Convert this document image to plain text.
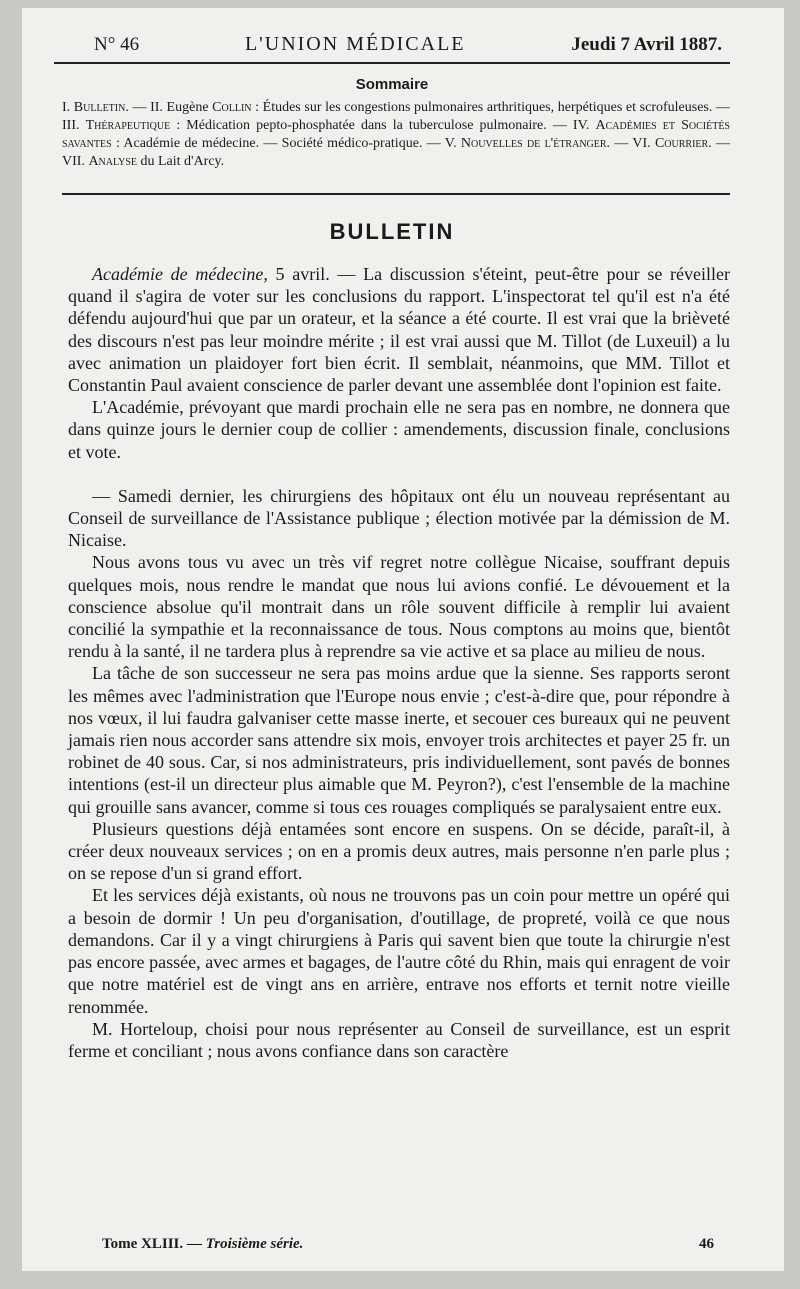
N° 46	L'UNION MÉDICALE	Jeudi 7 Avril 1887.
Sommaire
I. Bulletin. — II. Eugène Collin : Études sur les congestions pulmonaires arthritiques, herpétiques et scrofuleuses. — III. Thérapeutique : Médication pepto-phosphatée dans la tuberculose pulmonaire. — IV. Académies et Sociétés savantes : Académie de médecine. — Société médico-pratique. — V. Nouvelles de l'étranger. — VI. Courrier. — VII. Analyse du Lait d'Arcy.
BULLETIN

Académie de médecine, 5 avril. — La discussion s'éteint, peut-être pour se réveiller quand il s'agira de voter sur les conclusions du rapport. L'inspectorat tel qu'il est n'a été défendu aujourd'hui que par un orateur, et la séance a été courte. Il est vrai que la brièveté des discours n'est pas leur moindre mérite ; il est vrai aussi que M. Tillot (de Luxeuil) a lu avec animation un plaidoyer fort bien écrit. Il semblait, néanmoins, que MM. Tillot et Constantin Paul avaient conscience de parler devant une assemblée dont l'opinion est faite.

L'Académie, prévoyant que mardi prochain elle ne sera pas en nombre, ne donnera que dans quinze jours le dernier coup de collier : amendements, discussion finale, conclusions et vote.

— Samedi dernier, les chirurgiens des hôpitaux ont élu un nouveau représentant au Conseil de surveillance de l'Assistance publique ; élection motivée par la démission de M. Nicaise.

Nous avons tous vu avec un très vif regret notre collègue Nicaise, souffrant depuis quelques mois, nous rendre le mandat que nous lui avions confié. Le dévouement et la conscience absolue qu'il montrait dans un rôle souvent difficile à remplir lui avaient concilié la sympathie et la reconnaissance de tous. Nous comptons au moins que, bientôt rendu à la santé, il ne tardera plus à reprendre sa vie active et sa place au milieu de nous.

La tâche de son successeur ne sera pas moins ardue que la sienne. Ses rapports seront les mêmes avec l'administration que l'Europe nous envie ; c'est-à-dire que, pour répondre à nos vœux, il lui faudra galvaniser cette masse inerte, et secouer ces bureaux qui ne peuvent jamais rien nous accorder sans attendre six mois, envoyer trois architectes et payer 25 fr. un robinet de 40 sous. Car, si nos administrateurs, pris individuellement, sont pavés de bonnes intentions (est-il un directeur plus aimable que M. Peyron?), c'est l'ensemble de la machine qui grouille sans avancer, comme si tous ces rouages compliqués se paralysaient entre eux.

Plusieurs questions déjà entamées sont encore en suspens. On se décide, paraît-il, à créer deux nouveaux services ; on en a promis deux autres, mais personne n'en parle plus ; on se repose d'un si grand effort.

Et les services déjà existants, où nous ne trouvons pas un coin pour mettre un opéré qui a besoin de dormir ! Un peu d'organisation, d'outillage, de propreté, voilà ce que nous demandons. Car il y a vingt chirurgiens à Paris qui savent bien que toute la chirurgie n'est pas encore passée, avec armes et bagages, de l'autre côté du Rhin, mais qui enragent de voir que notre matériel est de vingt ans en arrière, entrave nos efforts et ternit notre vieille renommée.

M. Horteloup, choisi pour nous représenter au Conseil de surveillance, est un esprit ferme et conciliant ; nous avons confiance dans son caractère

Tome XLIII. — Troisième série.	46
